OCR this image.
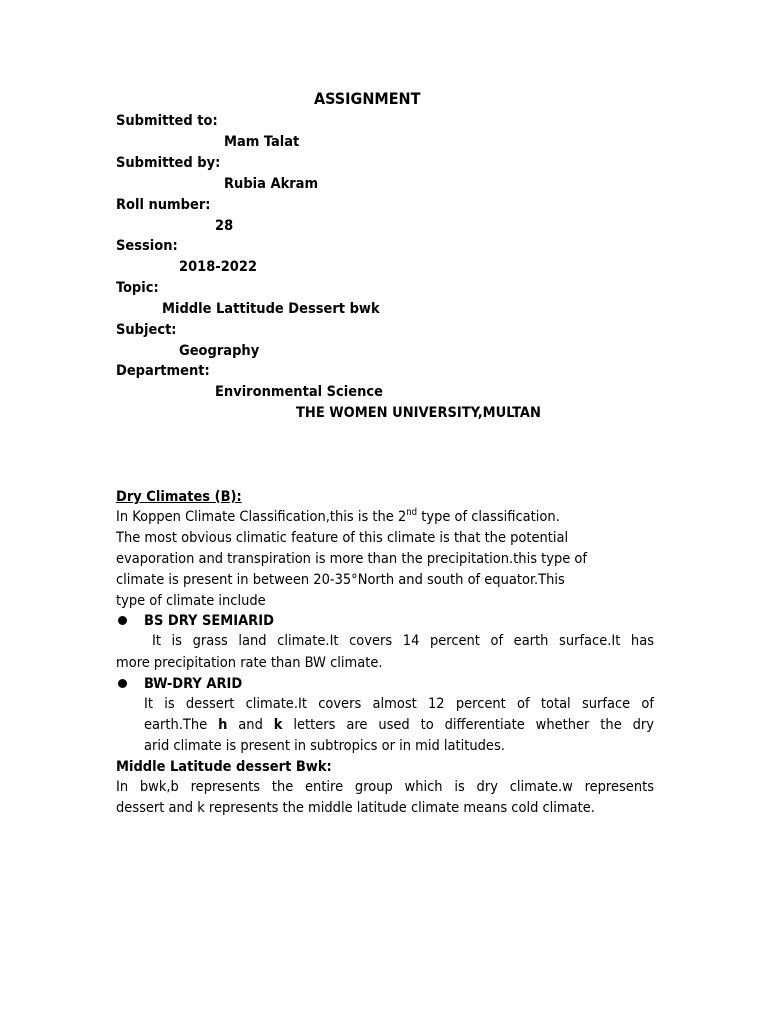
ASSIGNMENT
Submitted to:
Mam Talat
Submitted by:
Rubia Akram
Roll number:
28
Session:
2018-2022
Topic:
Middle Lattitude Dessert bwk
Subject:
Geography
Department:
Environmental Science
THE WOMEN UNIVERSITY,MULTAN
Dry Climates (B):
In Koppen Climate Classification,this is the 2nd type of classification.
The most obvious climatic feature of this climate is that the potential
evaporation and transpiration is more than the precipitation.this type of
climate is present in between 20-35°North and south of equator.This
type of climate include
BS DRY SEMIARID
It is grass land climate.It covers 14 percent of earth surface.It has
more precipitation rate than BW climate.
BW-DRY ARID
It is dessert climate.It covers almost 12 percent of total surface of
earth.The h and k letters are used to differentiate whether the dry
arid climate is present in subtropics or in mid latitudes.
Middle Latitude dessert Bwk:
In bwk,b represents the entire group which is dry climate.w represents
dessert and k represents the middle latitude climate means cold climate.
